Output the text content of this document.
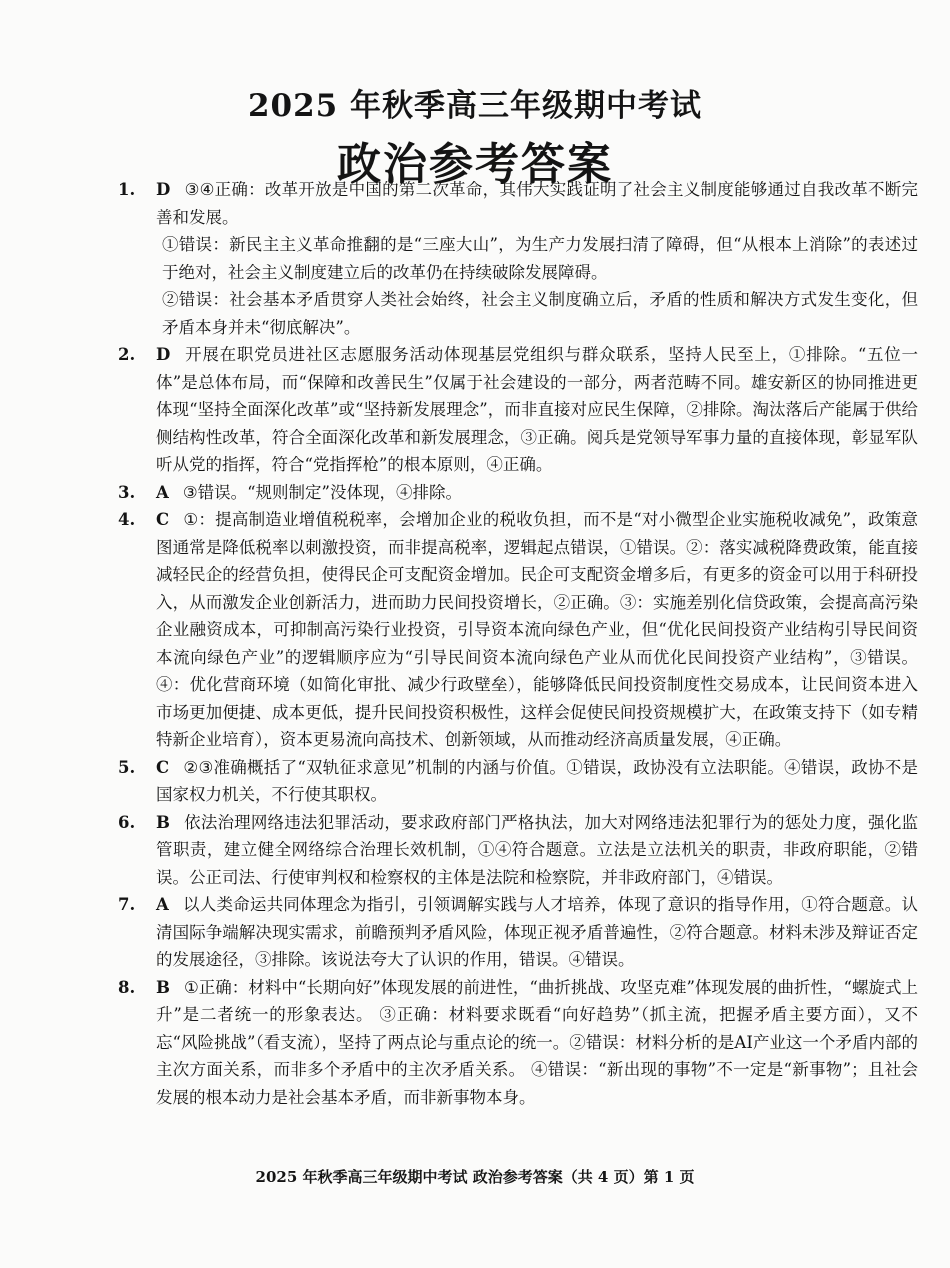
2025 年秋季高三年级期中考试
政治参考答案
1. D ③④正确：改革开放是中国的第二次革命，其伟大实践证明了社会主义制度能够通过自我改革不断完善和发展。
①错误：新民主主义革命推翻的是“三座大山”，为生产力发展扫清了障碍，但“从根本上消除”的表述过于绝对，社会主义制度建立后的改革仍在持续破除发展障碍。
②错误：社会基本矛盾贯穿人类社会始终，社会主义制度确立后，矛盾的性质和解决方式发生变化，但矛盾本身并未“彻底解决”。
2. D 开展在职党员进社区志愿服务活动体现基层党组织与群众联系，坚持人民至上，①排除。“五位一体”是总体布局，而“保障和改善民生”仅属于社会建设的一部分，两者范畴不同。雄安新区的协同推进更体现“坚持全面深化改革”或“坚持新发展理念”，而非直接对应民生保障，②排除。淘汰落后产能属于供给侧结构性改革，符合全面深化改革和新发展理念，③正确。阅兵是党领导军事力量的直接体现，彰显军队听从党的指挥，符合“党指挥枪”的根本原则，④正确。
3. A ③错误。“规则制定”没体现，④排除。
4. C ①：提高制造业增值税税率，会增加企业的税收负担，而不是“对小微型企业实施税收减免”，政策意图通常是降低税率以刺激投资，而非提高税率，逻辑起点错误，①错误。②：落实减税降费政策，能直接减轻民企的经营负担，使得民企可支配资金增加。民企可支配资金增多后，有更多的资金可以用于科研投入，从而激发企业创新活力，进而助力民间投资增长，②正确。③：实施差别化信贷政策，会提高高污染企业融资成本，可抑制高污染行业投资，引导资本流向绿色产业，但“优化民间投资产业结构引导民间资本流向绿色产业”的逻辑顺序应为“引导民间资本流向绿色产业从而优化民间投资产业结构”，③错误。 ④：优化营商环境（如简化审批、减少行政壁垒），能够降低民间投资制度性交易成本，让民间资本进入市场更加便捷、成本更低，提升民间投资积极性，这样会促使民间投资规模扩大，在政策支持下（如专精特新企业培育），资本更易流向高技术、创新领域，从而推动经济高质量发展，④正确。
5. C ②③准确概括了“双轨征求意见”机制的内涵与价值。①错误，政协没有立法职能。④错误，政协不是国家权力机关，不行使其职权。
6. B 依法治理网络违法犯罪活动，要求政府部门严格执法，加大对网络违法犯罪行为的惩处力度，强化监管职责，建立健全网络综合治理长效机制，①④符合题意。立法是立法机关的职责，非政府职能，②错误。公正司法、行使审判权和检察权的主体是法院和检察院，并非政府部门，④错误。
7. A 以人类命运共同体理念为指引，引领调解实践与人才培养，体现了意识的指导作用，①符合题意。认清国际争端解决现实需求，前瞻预判矛盾风险，体现正视矛盾普遍性，②符合题意。材料未涉及辩证否定的发展途径，③排除。该说法夸大了认识的作用，错误。④错误。
8. B ①正确：材料中“长期向好”体现发展的前进性，“曲折挑战、攻坚克难”体现发展的曲折性，“螺旋式上升”是二者统一的形象表达。 ③正确：材料要求既看“向好趋势”（抓主流，把握矛盾主要方面），又不忘“风险挑战”（看支流），坚持了两点论与重点论的统一。②错误：材料分析的是AI产业这一个矛盾内部的主次方面关系，而非多个矛盾中的主次矛盾关系。 ④错误：“新出现的事物”不一定是“新事物”；且社会发展的根本动力是社会基本矛盾，而非新事物本身。
2025 年秋季高三年级期中考试 政治参考答案（共 4 页）第 1 页
